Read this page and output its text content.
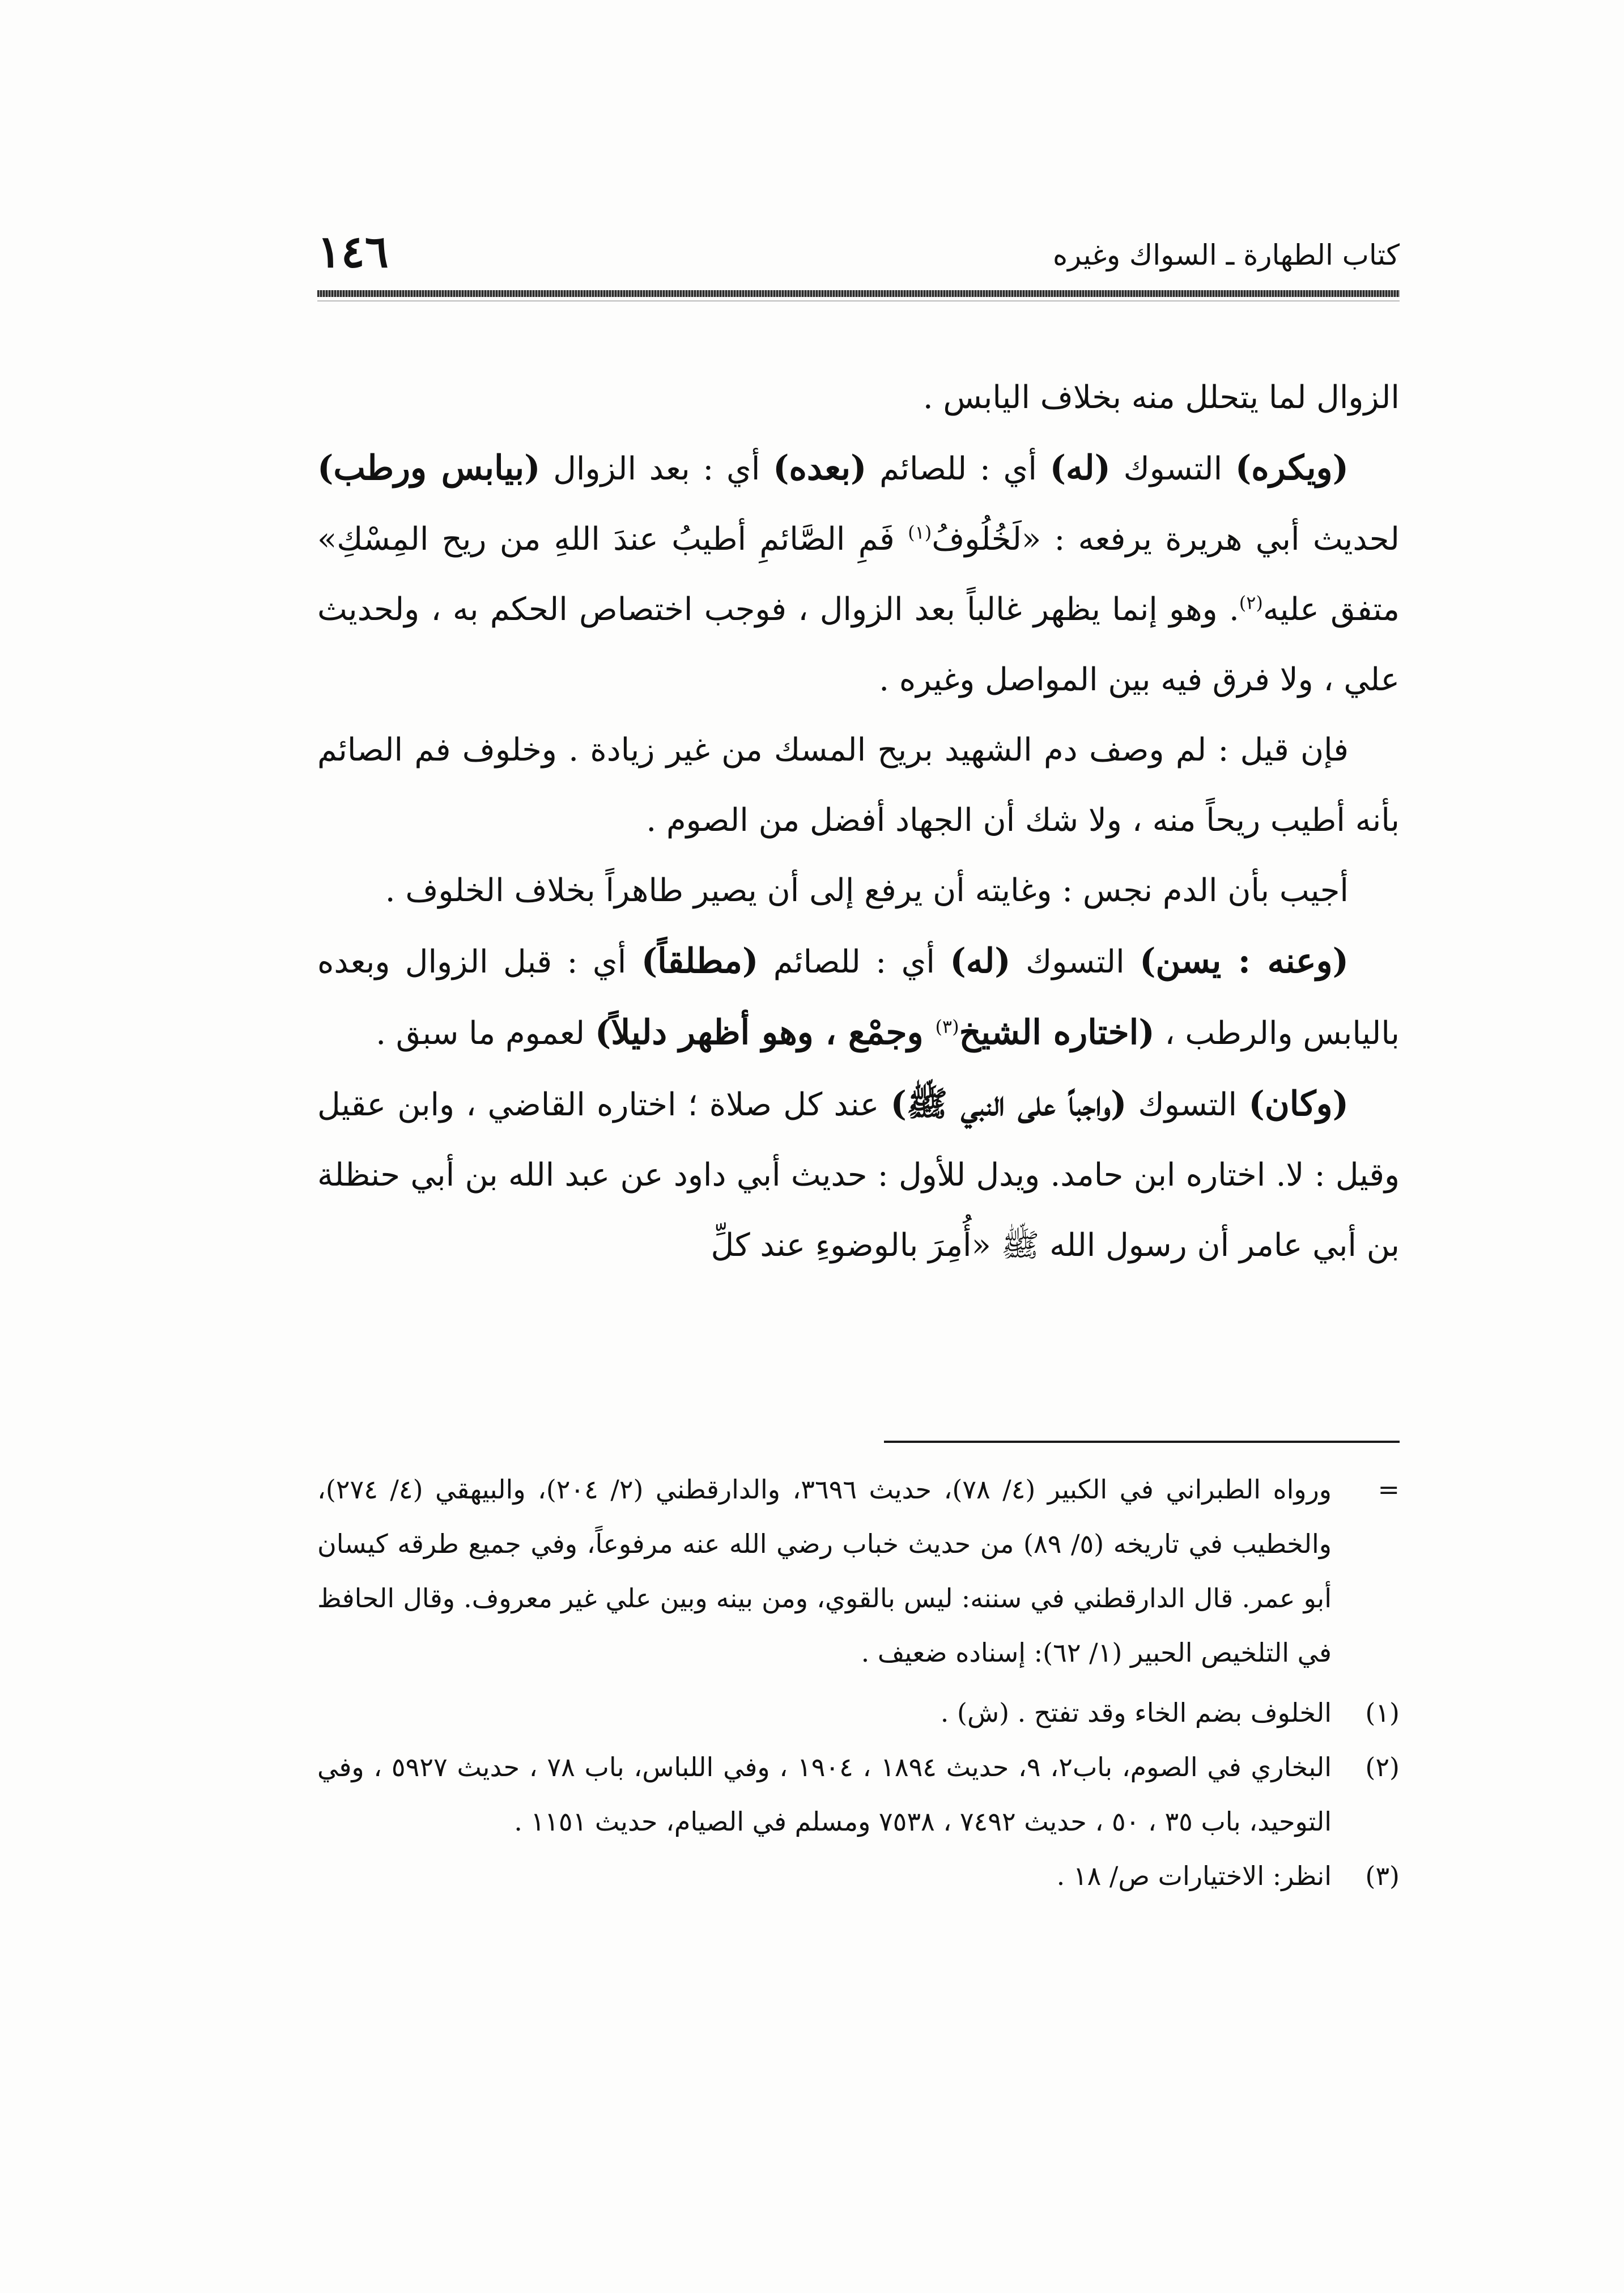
١٤٦	كتاب الطهارة ـ السواك وغيره

الزوال لما يتحلل منه بخلاف اليابس .

(ويكره) التسوك (له) أي : للصائم (بعده) أي : بعد الزوال (بيابس ورطب) لحديث أبي هريرة يرفعه : «لَخُلُوفُ$^{(١)}$ فَمِ الصَّائمِ أطيبُ عندَ اللهِ من ريح المِسْكِ» متفق عليه$^{(٢)}$. وهو إنما يظهر غالباً بعد الزوال ، فوجب اختصاص الحكم به ، ولحديث علي ، ولا فرق فيه بين المواصل وغيره .

فإن قيل : لم وصف دم الشهيد بريح المسك من غير زيادة . وخلوف فم الصائم بأنه أطيب ريحاً منه ، ولا شك أن الجهاد أفضل من الصوم .

أجيب بأن الدم نجس : وغايته أن يرفع إلى أن يصير طاهراً بخلاف الخلوف .

(وعنه : يسن) التسوك (له) أي : للصائم (مطلقاً) أي : قبل الزوال وبعده باليابس والرطب ، (اختاره الشيخ$^{(٣)}$ وجمْع ، وهو أظهر دليلاً) لعموم ما سبق .

(وكان) التسوك (واجباً على النبي ﷺ) عند كل صلاة ؛ اختاره القاضي ، وابن عقيل وقيل : لا. اختاره ابن حامد. ويدل للأول : حديث أبي داود عن عبد الله بن أبي حنظلة بن أبي عامر أن رسول الله ﷺ «أُمِرَ بالوضوءِ عند كلِّ

=
ورواه الطبراني في الكبير (٤/ ٧٨)، حديث ٣٦٩٦، والدارقطني (٢/ ٢٠٤)، والبيهقي (٤/ ٢٧٤)، والخطيب في تاريخه (٥/ ٨٩) من حديث خباب رضي الله عنه مرفوعاً، وفي جميع طرقه كيسان أبو عمر. قال الدارقطني في سننه: ليس بالقوي، ومن بينه وبين علي غير معروف. وقال الحافظ في التلخيص الحبير (١/ ٦٢): إسناده ضعيف .
(١)
الخلوف بضم الخاء وقد تفتح . (ش) .
(٢)
البخاري في الصوم، باب٢، ٩، حديث ١٨٩٤ ، ١٩٠٤ ، وفي اللباس، باب ٧٨ ، حديث ٥٩٢٧ ، وفي التوحيد، باب ٣٥ ، ٥٠ ، حديث ٧٤٩٢ ، ٧٥٣٨ ومسلم في الصيام، حديث ١١٥١ .
(٣)
انظر: الاختيارات ص/ ١٨ .
